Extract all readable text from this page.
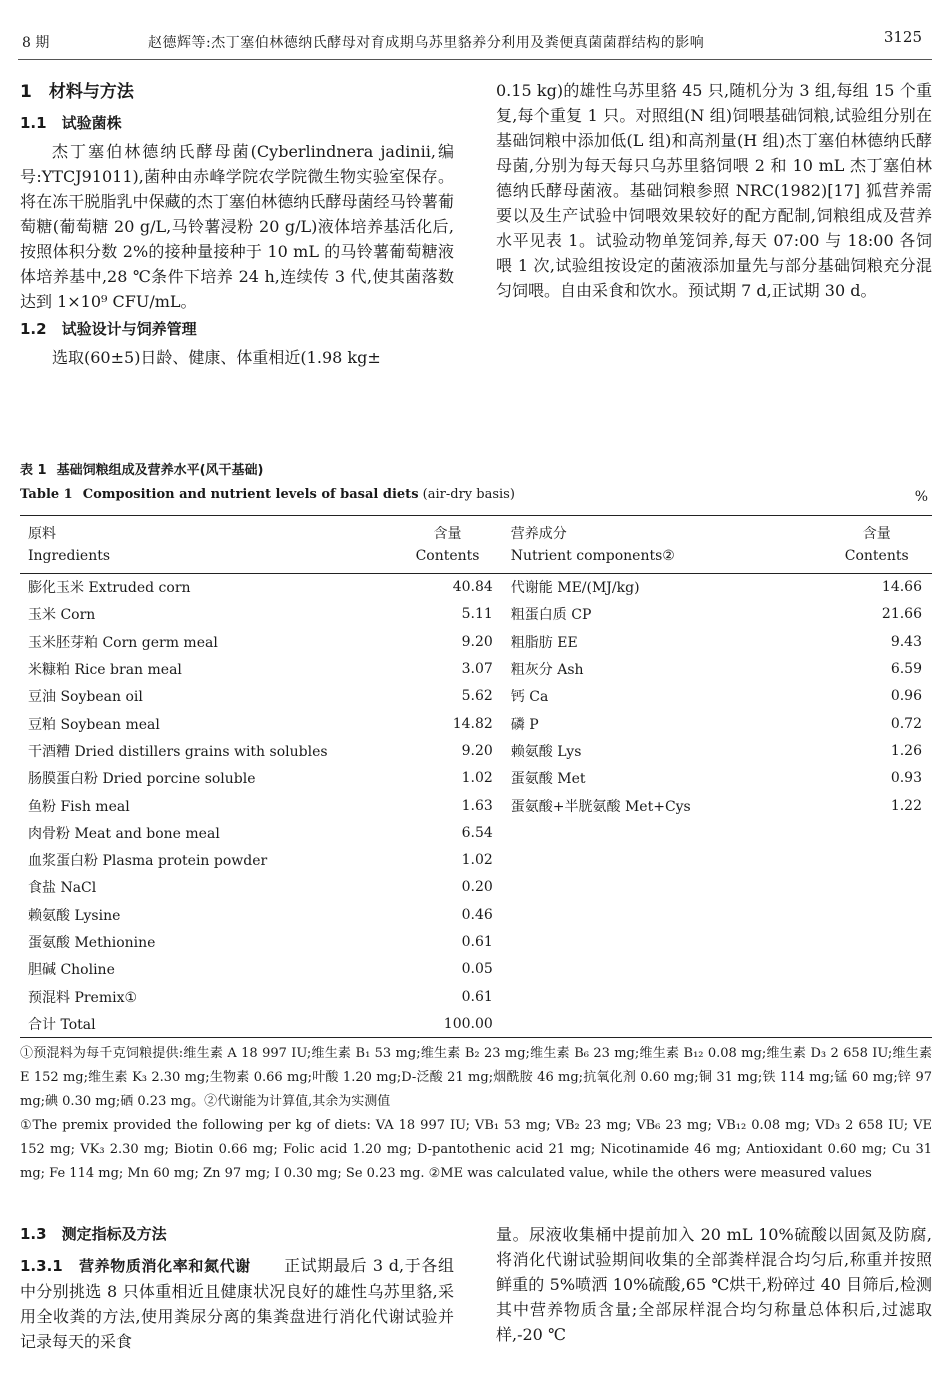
8 期	赵德辉等:杰丁塞伯林德纳氏酵母对育成期乌苏里貉养分利用及粪便真菌菌群结构的影响	3125

1　材料与方法

1.1　试验菌株

杰丁塞伯林德纳氏酵母菌(Cyberlindnera jadinii,编号:YTCJ91011),菌种由赤峰学院农学院微生物实验室保存。将在冻干脱脂乳中保藏的杰丁塞伯林德纳氏酵母菌经马铃薯葡萄糖(葡萄糖 20 g/L,马铃薯浸粉 20 g/L)液体培养基活化后,按照体积分数 2%的接种量接种于 10 mL 的马铃薯葡萄糖液体培养基中,28 ℃条件下培养 24 h,连续传 3 代,使其菌落数达到 1×10⁹ CFU/mL。

1.2　试验设计与饲养管理

选取(60±5)日龄、健康、体重相近(1.98 kg±

0.15 kg)的雄性乌苏里貉 45 只,随机分为 3 组,每组 15 个重复,每个重复 1 只。对照组(N 组)饲喂基础饲粮,试验组分别在基础饲粮中添加低(L 组)和高剂量(H 组)杰丁塞伯林德纳氏酵母菌,分别为每天每只乌苏里貉饲喂 2 和 10 mL 杰丁塞伯林德纳氏酵母菌液。基础饲粮参照 NRC(1982)[17] 狐营养需要以及生产试验中饲喂效果较好的配方配制,饲粮组成及营养水平见表 1。试验动物单笼饲养,每天 07:00 与 18:00 各饲喂 1 次,试验组按设定的菌液添加量先与部分基础饲粮充分混匀饲喂。自由采食和饮水。预试期 7 d,正试期 30 d。

表 1 基础饲粮组成及营养水平(风干基础)
Table 1 Composition and nutrient levels of basal diets (air-dry basis)	%
原料
Ingredients	含量
Contents	营养成分
Nutrient components②	含量
Contents
膨化玉米 Extruded corn	40.84	代谢能 ME/(MJ/kg)	14.66
玉米 Corn	5.11	粗蛋白质 CP	21.66
玉米胚芽粕 Corn germ meal	9.20	粗脂肪 EE	9.43
米糠粕 Rice bran meal	3.07	粗灰分 Ash	6.59
豆油 Soybean oil	5.62	钙 Ca	0.96
豆粕 Soybean meal	14.82	磷 P	0.72
干酒糟 Dried distillers grains with solubles	9.20	赖氨酸 Lys	1.26
肠膜蛋白粉 Dried porcine soluble	1.02	蛋氨酸 Met	0.93
鱼粉 Fish meal	1.63	蛋氨酸+半胱氨酸 Met+Cys	1.22
肉骨粉 Meat and bone meal	6.54		
血浆蛋白粉 Plasma protein powder	1.02		
食盐 NaCl	0.20		
赖氨酸 Lysine	0.46		
蛋氨酸 Methionine	0.61		
胆碱 Choline	0.05		
预混料 Premix①	0.61		
合计 Total	100.00		

①预混料为每千克饲粮提供:维生素 A 18 997 IU;维生素 B₁ 53 mg;维生素 B₂ 23 mg;维生素 B₆ 23 mg;维生素 B₁₂ 0.08 mg;维生素 D₃ 2 658 IU;维生素 E 152 mg;维生素 K₃ 2.30 mg;生物素 0.66 mg;叶酸 1.20 mg;D-泛酸 21 mg;烟酰胺 46 mg;抗氧化剂 0.60 mg;铜 31 mg;铁 114 mg;锰 60 mg;锌 97 mg;碘 0.30 mg;硒 0.23 mg。②代谢能为计算值,其余为实测值

①The premix provided the following per kg of diets: VA 18 997 IU; VB₁ 53 mg; VB₂ 23 mg; VB₆ 23 mg; VB₁₂ 0.08 mg; VD₃ 2 658 IU; VE 152 mg; VK₃ 2.30 mg; Biotin 0.66 mg; Folic acid 1.20 mg; D-pantothenic acid 21 mg; Nicotinamide 46 mg; Antioxidant 0.60 mg; Cu 31 mg; Fe 114 mg; Mn 60 mg; Zn 97 mg; I 0.30 mg; Se 0.23 mg. ②ME was calculated value, while the others were measured values

1.3　测定指标及方法

1.3.1　营养物质消化率和氮代谢　　 正试期最后 3 d,于各组中分别挑选 8 只体重相近且健康状况良好的雄性乌苏里貉,采用全收粪的方法,使用粪尿分离的集粪盘进行消化代谢试验并记录每天的采食

量。尿液收集桶中提前加入 20 mL 10%硫酸以固氮及防腐,将消化代谢试验期间收集的全部粪样混合均匀后,称重并按照鲜重的 5%喷洒 10%硫酸,65 ℃烘干,粉碎过 40 目筛后,检测其中营养物质含量;全部尿样混合均匀称量总体积后,过滤取样,-20 ℃
